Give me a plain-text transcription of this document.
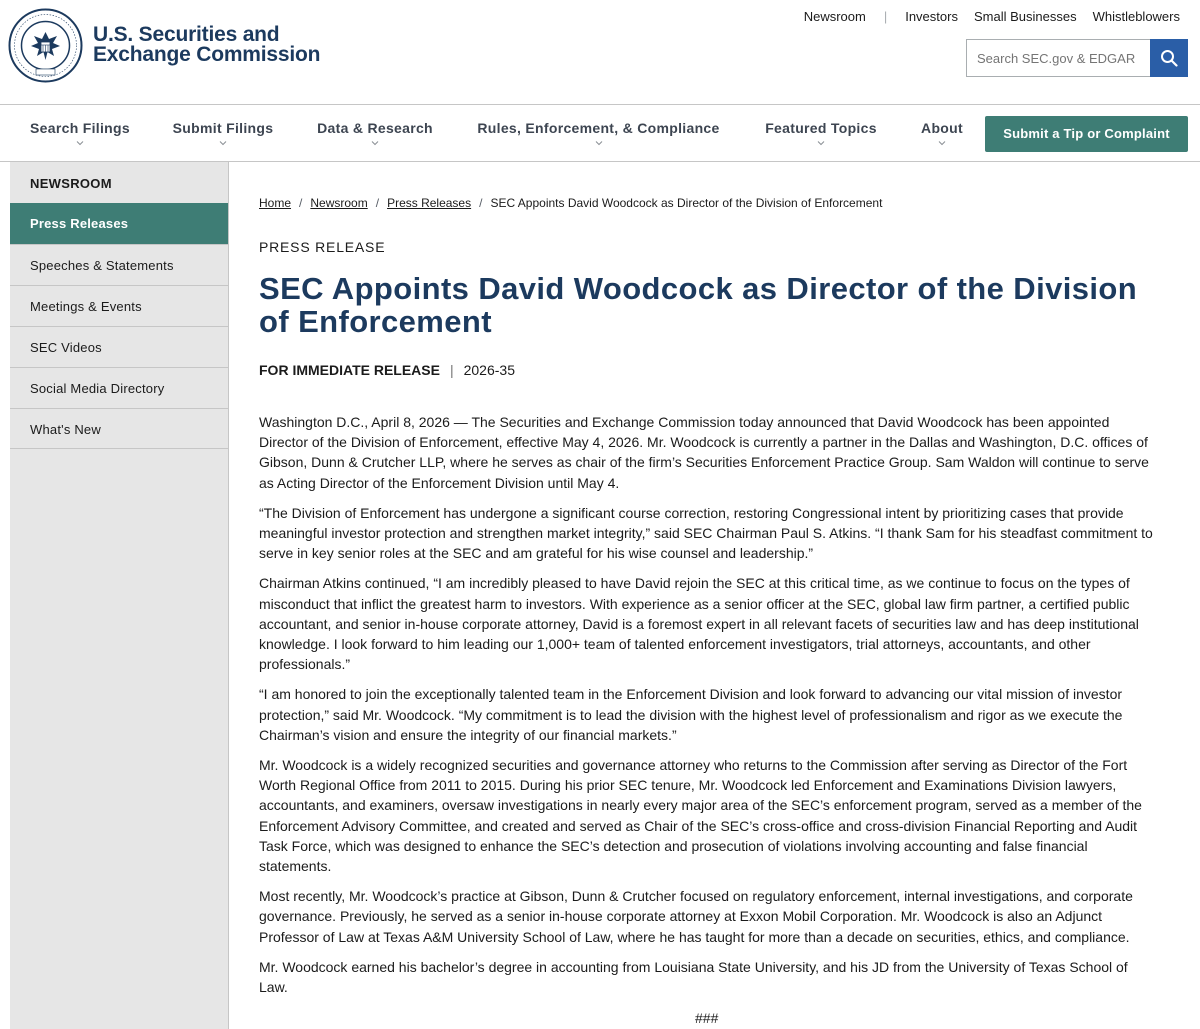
U.S. Securities and
Exchange Commission
Newsroom	|	Investors	Small Businesses	Whistleblowers
Search SEC.gov & EDGAR
Search Filings	Submit Filings	Data & Research	Rules, Enforcement, & Compliance	Featured Topics	About	Submit a Tip or Complaint
NEWSROOM
Press Releases
Speeches & Statements
Meetings & Events
SEC Videos
Social Media Directory
What's New
Home / Newsroom / Press Releases / SEC Appoints David Woodcock as Director of the Division of Enforcement
PRESS RELEASE
SEC Appoints David Woodcock as Director of the Division of Enforcement
FOR IMMEDIATE RELEASE | 2026-35

Washington D.C., April 8, 2026 — The Securities and Exchange Commission today announced that David Woodcock has been appointed Director of the Division of Enforcement, effective May 4, 2026. Mr. Woodcock is currently a partner in the Dallas and Washington, D.C. offices of Gibson, Dunn & Crutcher LLP, where he serves as chair of the firm’s Securities Enforcement Practice Group. Sam Waldon will continue to serve as Acting Director of the Enforcement Division until May 4.

“The Division of Enforcement has undergone a significant course correction, restoring Congressional intent by prioritizing cases that provide meaningful investor protection and strengthen market integrity,” said SEC Chairman Paul S. Atkins. “I thank Sam for his steadfast commitment to serve in key senior roles at the SEC and am grateful for his wise counsel and leadership.”

Chairman Atkins continued, “I am incredibly pleased to have David rejoin the SEC at this critical time, as we continue to focus on the types of misconduct that inflict the greatest harm to investors. With experience as a senior officer at the SEC, global law firm partner, a certified public accountant, and senior in-house corporate attorney, David is a foremost expert in all relevant facets of securities law and has deep institutional knowledge. I look forward to him leading our 1,000+ team of talented enforcement investigators, trial attorneys, accountants, and other professionals.”

“I am honored to join the exceptionally talented team in the Enforcement Division and look forward to advancing our vital mission of investor protection,” said Mr. Woodcock. “My commitment is to lead the division with the highest level of professionalism and rigor as we execute the Chairman’s vision and ensure the integrity of our financial markets.”

Mr. Woodcock is a widely recognized securities and governance attorney who returns to the Commission after serving as Director of the Fort Worth Regional Office from 2011 to 2015. During his prior SEC tenure, Mr. Woodcock led Enforcement and Examinations Division lawyers, accountants, and examiners, oversaw investigations in nearly every major area of the SEC’s enforcement program, served as a member of the Enforcement Advisory Committee, and created and served as Chair of the SEC’s cross-office and cross-division Financial Reporting and Audit Task Force, which was designed to enhance the SEC’s detection and prosecution of violations involving accounting and false financial statements.

Most recently, Mr. Woodcock’s practice at Gibson, Dunn & Crutcher focused on regulatory enforcement, internal investigations, and corporate governance. Previously, he served as a senior in-house corporate attorney at Exxon Mobil Corporation. Mr. Woodcock is also an Adjunct Professor of Law at Texas A&M University School of Law, where he has taught for more than a decade on securities, ethics, and compliance.

Mr. Woodcock earned his bachelor’s degree in accounting from Louisiana State University, and his JD from the University of Texas School of Law.

###
